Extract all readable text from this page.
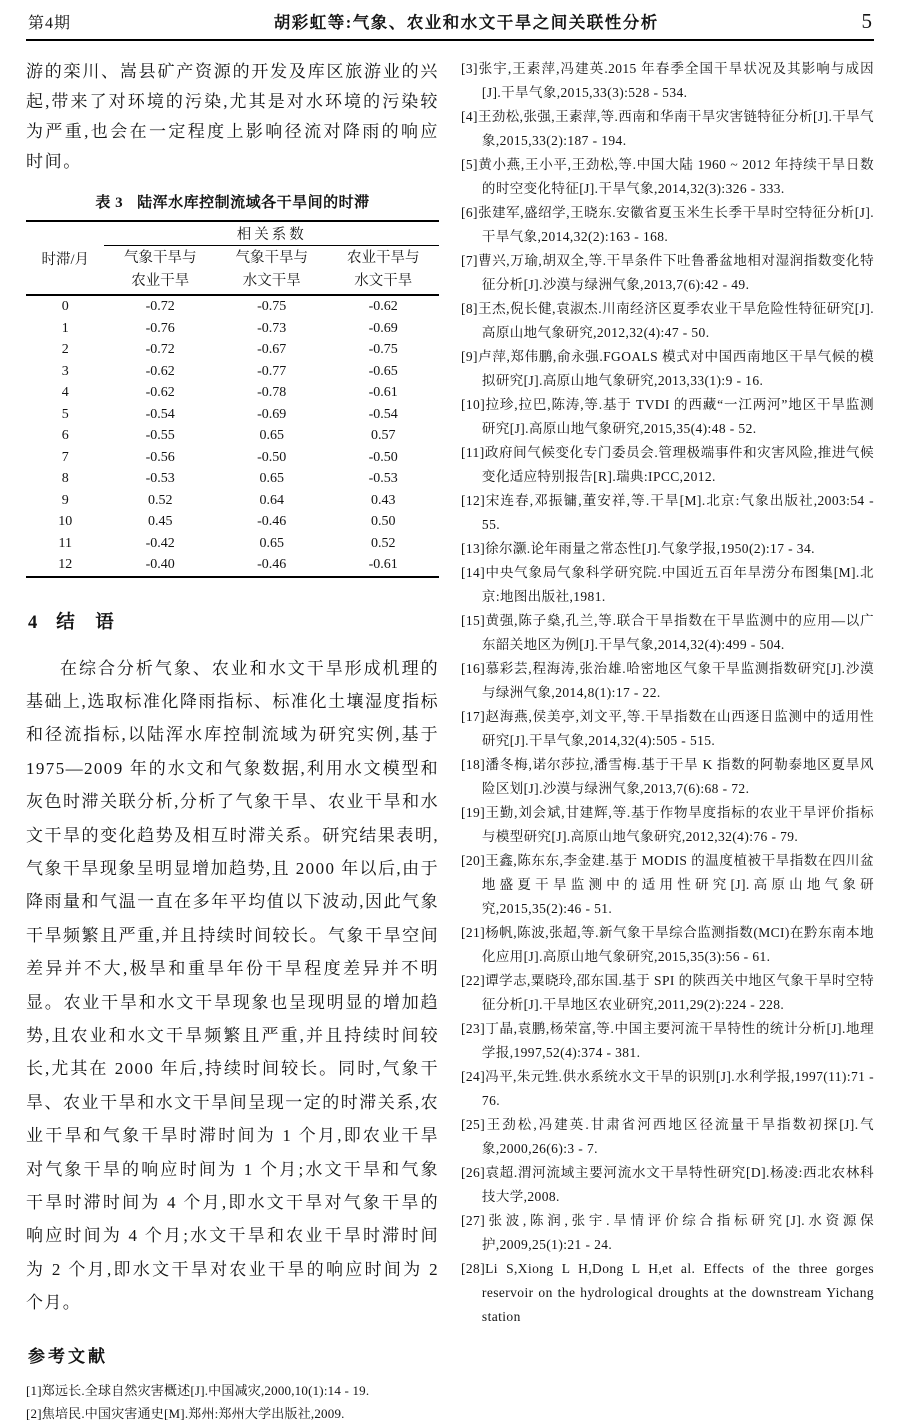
第4期	胡彩虹等:气象、农业和水文干旱之间关联性分析	5

游的栾川、嵩县矿产资源的开发及库区旅游业的兴起,带来了对环境的污染,尤其是对水环境的污染较为严重,也会在一定程度上影响径流对降雨的响应时间。

表 3 陆浑水库控制流域各干旱间的时滞
时滞/月	相关系数		

气象干旱与
农业干旱

气象干旱与
水文干旱

农业干旱与
水文干旱

0	-0.72	-0.75	-0.62
1	-0.76	-0.73	-0.69
2	-0.72	-0.67	-0.75
3	-0.62	-0.77	-0.65
4	-0.62	-0.78	-0.61
5	-0.54	-0.69	-0.54
6	-0.55	0.65	0.57
7	-0.56	-0.50	-0.50
8	-0.53	0.65	-0.53
9	0.52	0.64	0.43
10	0.45	-0.46	0.50
11	-0.42	0.65	0.52
12	-0.40	-0.46	-0.61
4 结　语

在综合分析气象、农业和水文干旱形成机理的基础上,选取标准化降雨指标、标准化土壤湿度指标和径流指标,以陆浑水库控制流域为研究实例,基于 1975—2009 年的水文和气象数据,利用水文模型和灰色时滞关联分析,分析了气象干旱、农业干旱和水文干旱的变化趋势及相互时滞关系。研究结果表明,气象干旱现象呈明显增加趋势,且 2000 年以后,由于降雨量和气温一直在多年平均值以下波动,因此气象干旱频繁且严重,并且持续时间较长。气象干旱空间差异并不大,极旱和重旱年份干旱程度差异并不明显。农业干旱和水文干旱现象也呈现明显的增加趋势,且农业和水文干旱频繁且严重,并且持续时间较长,尤其在 2000 年后,持续时间较长。同时,气象干旱、农业干旱和水文干旱间呈现一定的时滞关系,农业干旱和气象干旱时滞时间为 1 个月,即农业干旱对气象干旱的响应时间为 1 个月;水文干旱和气象干旱时滞时间为 4 个月,即水文干旱对气象干旱的响应时间为 4 个月;水文干旱和农业干旱时滞时间为 2 个月,即水文干旱对农业干旱的响应时间为 2 个月。

参考文献
[1]郑远长.全球自然灾害概述[J].中国减灾,2000,10(1):14 - 19.
[2]焦培民.中国灾害通史[M].郑州:郑州大学出版社,2009.
[3]张宇,王素萍,冯建英.2015 年春季全国干旱状况及其影响与成因[J].干旱气象,2015,33(3):528 - 534.
[4]王劲松,张强,王素萍,等.西南和华南干旱灾害链特征分析[J].干旱气象,2015,33(2):187 - 194.
[5]黄小燕,王小平,王劲松,等.中国大陆 1960 ~ 2012 年持续干旱日数的时空变化特征[J].干旱气象,2014,32(3):326 - 333.
[6]张建军,盛绍学,王晓东.安徽省夏玉米生长季干旱时空特征分析[J].干旱气象,2014,32(2):163 - 168.
[7]曹兴,万瑜,胡双全,等.干旱条件下吐鲁番盆地相对湿润指数变化特征分析[J].沙漠与绿洲气象,2013,7(6):42 - 49.
[8]王杰,倪长健,袁淑杰.川南经济区夏季农业干旱危险性特征研究[J].高原山地气象研究,2012,32(4):47 - 50.
[9]卢萍,郑伟鹏,俞永强.FGOALS 模式对中国西南地区干旱气候的模拟研究[J].高原山地气象研究,2013,33(1):9 - 16.
[10]拉珍,拉巴,陈涛,等.基于 TVDI 的西藏“一江两河”地区干旱监测研究[J].高原山地气象研究,2015,35(4):48 - 52.
[11]政府间气候变化专门委员会.管理极端事件和灾害风险,推进气候变化适应特别报告[R].瑞典:IPCC,2012.
[12]宋连春,邓振镛,董安祥,等.干旱[M].北京:气象出版社,2003:54 - 55.
[13]徐尔灏.论年雨量之常态性[J].气象学报,1950(2):17 - 34.
[14]中央气象局气象科学研究院.中国近五百年旱涝分布图集[M].北京:地图出版社,1981.
[15]黄强,陈子燊,孔兰,等.联合干旱指数在干旱监测中的应用—以广东韶关地区为例[J].干旱气象,2014,32(4):499 - 504.
[16]慕彩芸,程海涛,张治雄.哈密地区气象干旱监测指数研究[J].沙漠与绿洲气象,2014,8(1):17 - 22.
[17]赵海燕,侯美亭,刘文平,等.干旱指数在山西逐日监测中的适用性研究[J].干旱气象,2014,32(4):505 - 515.
[18]潘冬梅,诺尔莎拉,潘雪梅.基于干旱 K 指数的阿勒泰地区夏旱风险区划[J].沙漠与绿洲气象,2013,7(6):68 - 72.
[19]王勤,刘会斌,甘建辉,等.基于作物旱度指标的农业干旱评价指标与模型研究[J].高原山地气象研究,2012,32(4):76 - 79.
[20]王鑫,陈东东,李金建.基于 MODIS 的温度植被干旱指数在四川盆地盛夏干旱监测中的适用性研究[J].高原山地气象研究,2015,35(2):46 - 51.
[21]杨帆,陈波,张超,等.新气象干旱综合监测指数(MCI)在黔东南本地化应用[J].高原山地气象研究,2015,35(3):56 - 61.
[22]谭学志,粟晓玲,邵东国.基于 SPI 的陕西关中地区气象干旱时空特征分析[J].干旱地区农业研究,2011,29(2):224 - 228.
[23]丁晶,袁鹏,杨荣富,等.中国主要河流干旱特性的统计分析[J].地理学报,1997,52(4):374 - 381.
[24]冯平,朱元甡.供水系统水文干旱的识别[J].水利学报,1997(11):71 - 76.
[25]王劲松,冯建英.甘肃省河西地区径流量干旱指数初探[J].气象,2000,26(6):3 - 7.
[26]袁超.渭河流域主要河流水文干旱特性研究[D].杨凌:西北农林科技大学,2008.
[27]张波,陈润,张宇.旱情评价综合指标研究[J].水资源保护,2009,25(1):21 - 24.
[28]Li S,Xiong L H,Dong L H,et al. Effects of the three gorges reservoir on the hydrological droughts at the downstream Yichang station
